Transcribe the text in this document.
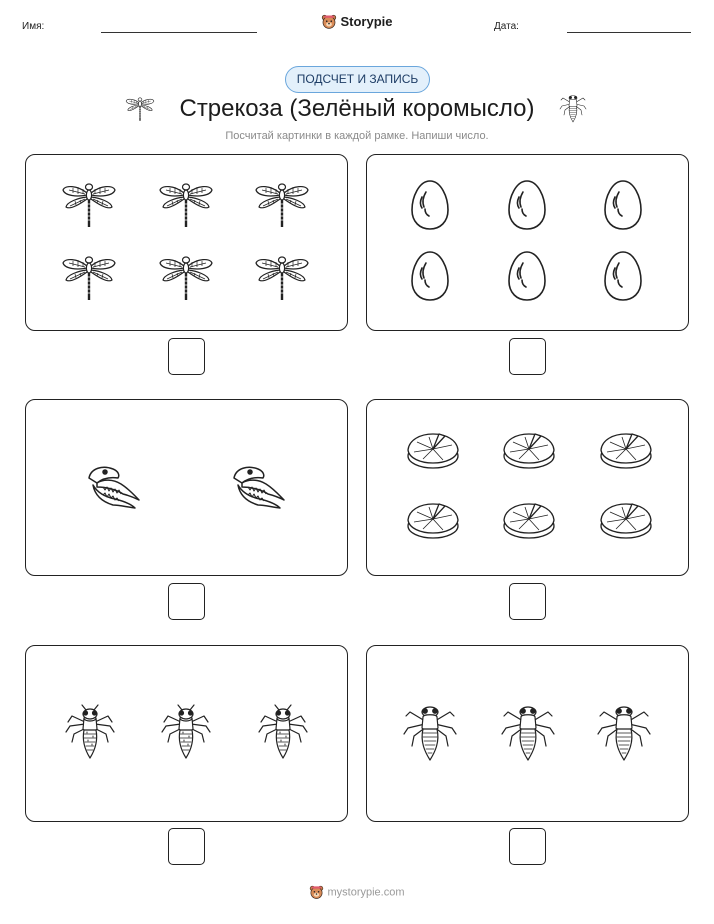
Имя:	Storypie	Дата:
ПОДСЧЕТ И ЗАПИСЬ
Стрекоза (Зелёный коромысло)
Посчитай картинки в каждой рамке. Напиши число.
mystorypie.com
